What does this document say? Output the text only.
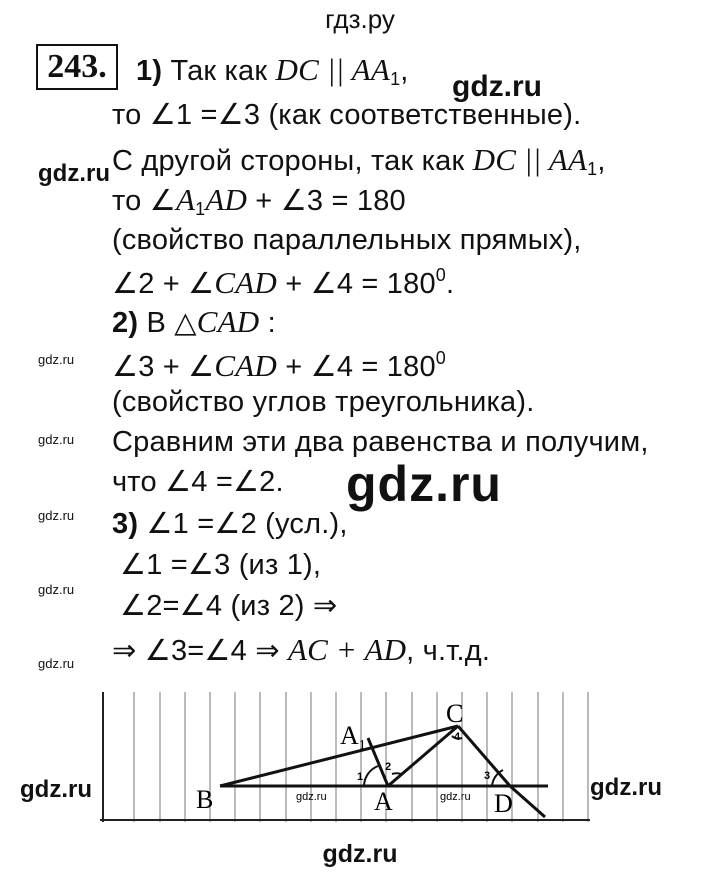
гдз.ру
gdz.ru
gdz.ru
gdz.ru
gdz.ru
gdz.ru
gdz.ru
gdz.ru
gdz.ru
243.	1) Так как DC || $AA_1$,
то ∠1 =∠3 (как соответственные).
С другой стороны, так как DC || $AA_1$,
то $\angle A_1AD$ + ∠3 = 180
(свойство параллельных прямых),
∠2 + ∠CAD + ∠4 = $180^0$.
2) В △CAD :
∠3 + ∠CAD + ∠4 = $180^0$
(свойство углов треугольника).
Сравним эти два равенства и получим,
что ∠4 =∠2.
3) ∠1 =∠2 (усл.),
∠1 =∠3 (из 1),
∠2=∠4 (из 2) ⇒
⇒ ∠3=∠4 ⇒ AC + AD, ч.т.д.
B	A
A1
C
D
1
2
3
4
gdz.ru	gdz.ru
gdz.ru	gdz.ru
gdz.ru
